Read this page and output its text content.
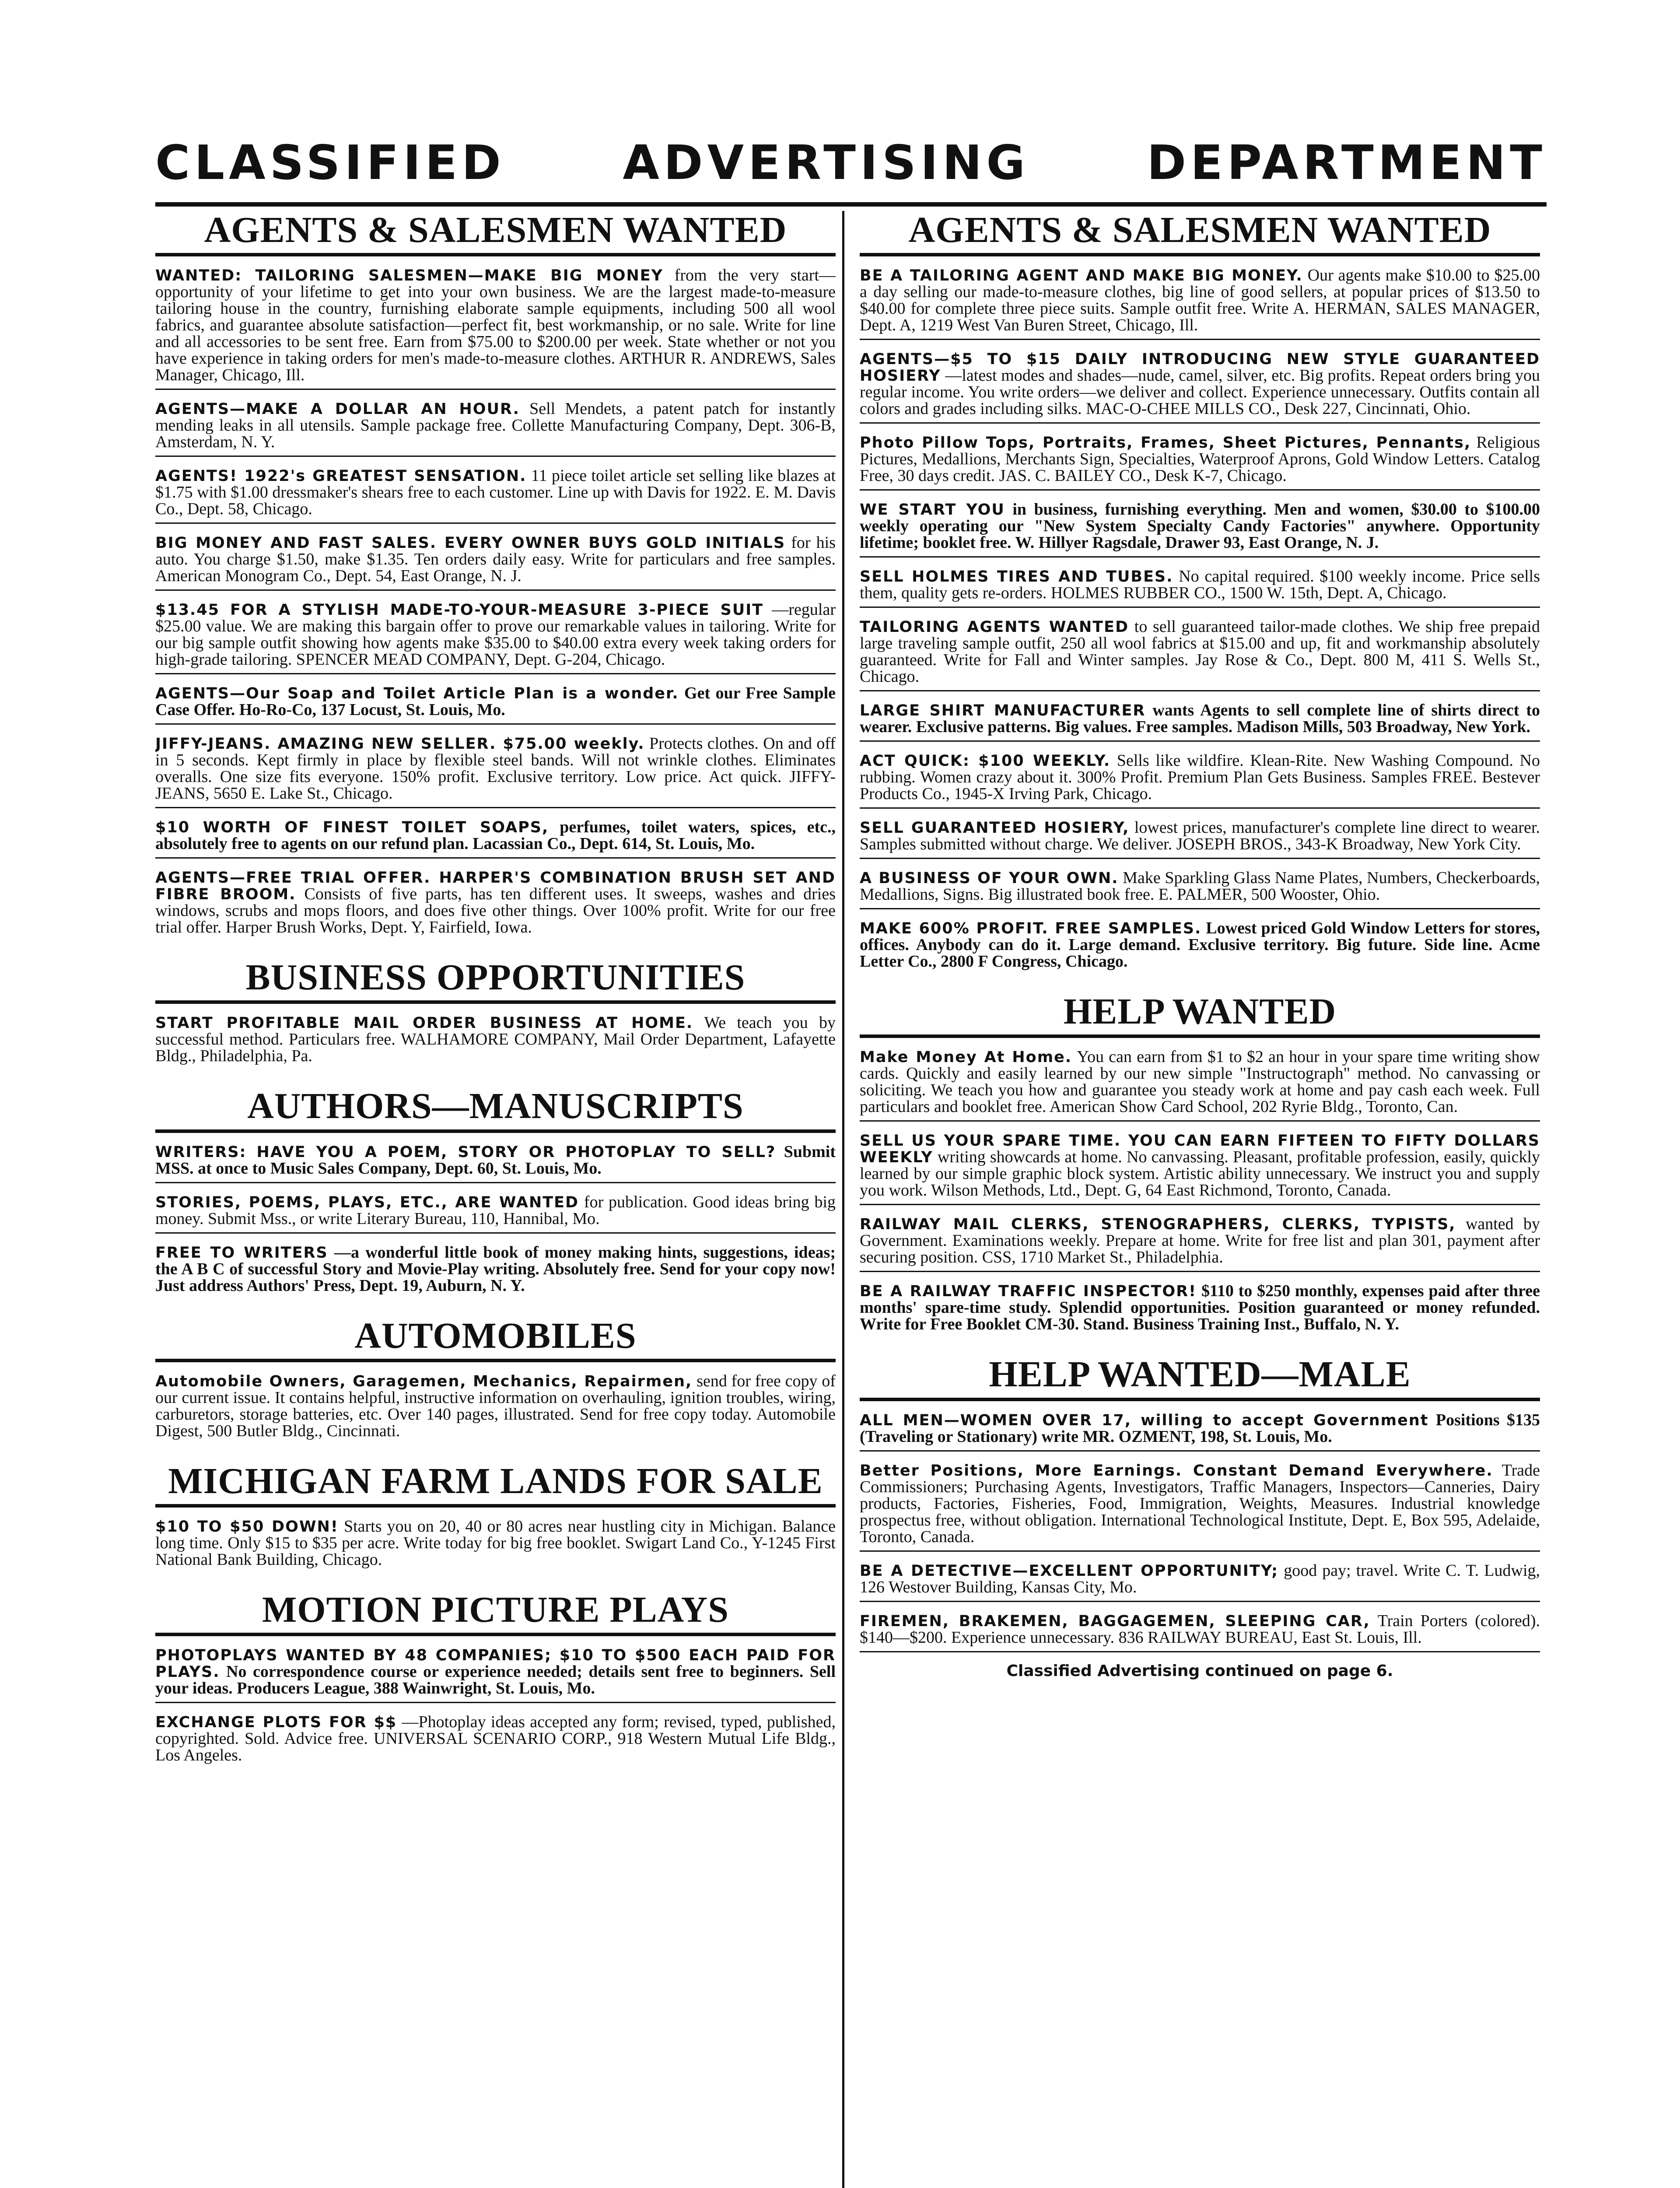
CLASSIFIED ADVERTISING DEPARTMENT
AGENTS & SALESMEN WANTED
WANTED: TAILORING SALESMEN—MAKE BIG MONEY from the very start—opportunity of your lifetime to get into your own business. We are the largest made-to-measure tailoring house in the country, furnishing elaborate sample equipments, including 500 all wool fabrics, and guarantee absolute satisfaction—perfect fit, best workmanship, or no sale. Write for line and all accessories to be sent free. Earn from $75.00 to $200.00 per week. State whether or not you have experience in taking orders for men's made-to-measure clothes. ARTHUR R. ANDREWS, Sales Manager, Chicago, Ill.
AGENTS—MAKE A DOLLAR AN HOUR. Sell Mendets, a patent patch for instantly mending leaks in all utensils. Sample package free. Collette Manufacturing Company, Dept. 306-B, Amsterdam, N. Y.
AGENTS! 1922's GREATEST SENSATION. 11 piece toilet article set selling like blazes at $1.75 with $1.00 dressmaker's shears free to each customer. Line up with Davis for 1922. E. M. Davis Co., Dept. 58, Chicago.
BIG MONEY AND FAST SALES. EVERY OWNER BUYS GOLD INITIALS for his auto. You charge $1.50, make $1.35. Ten orders daily easy. Write for particulars and free samples. American Monogram Co., Dept. 54, East Orange, N. J.
$13.45 FOR A STYLISH MADE-TO-YOUR-MEASURE 3-PIECE SUIT —regular $25.00 value. We are making this bargain offer to prove our remarkable values in tailoring. Write for our big sample outfit showing how agents make $35.00 to $40.00 extra every week taking orders for high-grade tailoring. SPENCER MEAD COMPANY, Dept. G-204, Chicago.
AGENTS—Our Soap and Toilet Article Plan is a wonder. Get our Free Sample Case Offer. Ho-Ro-Co, 137 Locust, St. Louis, Mo.
JIFFY-JEANS. AMAZING NEW SELLER. $75.00 weekly. Protects clothes. On and off in 5 seconds. Kept firmly in place by flexible steel bands. Will not wrinkle clothes. Eliminates overalls. One size fits everyone. 150% profit. Exclusive territory. Low price. Act quick. JIFFY-JEANS, 5650 E. Lake St., Chicago.
$10 WORTH OF FINEST TOILET SOAPS, perfumes, toilet waters, spices, etc., absolutely free to agents on our refund plan. Lacassian Co., Dept. 614, St. Louis, Mo.
AGENTS—FREE TRIAL OFFER. HARPER'S COMBINATION BRUSH SET AND FIBRE BROOM. Consists of five parts, has ten different uses. It sweeps, washes and dries windows, scrubs and mops floors, and does five other things. Over 100% profit. Write for our free trial offer. Harper Brush Works, Dept. Y, Fairfield, Iowa.
BUSINESS OPPORTUNITIES
START PROFITABLE MAIL ORDER BUSINESS AT HOME. We teach you by successful method. Particulars free. WALHAMORE COMPANY, Mail Order Department, Lafayette Bldg., Philadelphia, Pa.
AUTHORS—MANUSCRIPTS
WRITERS: HAVE YOU A POEM, STORY OR PHOTOPLAY TO SELL? Submit MSS. at once to Music Sales Company, Dept. 60, St. Louis, Mo.
STORIES, POEMS, PLAYS, ETC., ARE WANTED for publication. Good ideas bring big money. Submit Mss., or write Literary Bureau, 110, Hannibal, Mo.
FREE TO WRITERS —a wonderful little book of money making hints, suggestions, ideas; the A B C of successful Story and Movie-Play writing. Absolutely free. Send for your copy now! Just address Authors' Press, Dept. 19, Auburn, N. Y.
AUTOMOBILES
Automobile Owners, Garagemen, Mechanics, Repairmen, send for free copy of our current issue. It contains helpful, instructive information on overhauling, ignition troubles, wiring, carburetors, storage batteries, etc. Over 140 pages, illustrated. Send for free copy today. Automobile Digest, 500 Butler Bldg., Cincinnati.
MICHIGAN FARM LANDS FOR SALE
$10 TO $50 DOWN! Starts you on 20, 40 or 80 acres near hustling city in Michigan. Balance long time. Only $15 to $35 per acre. Write today for big free booklet. Swigart Land Co., Y-1245 First National Bank Building, Chicago.
MOTION PICTURE PLAYS
PHOTOPLAYS WANTED BY 48 COMPANIES; $10 TO $500 EACH PAID FOR PLAYS. No correspondence course or experience needed; details sent free to beginners. Sell your ideas. Producers League, 388 Wainwright, St. Louis, Mo.
EXCHANGE PLOTS FOR $$ —Photoplay ideas accepted any form; revised, typed, published, copyrighted. Sold. Advice free. UNIVERSAL SCENARIO CORP., 918 Western Mutual Life Bldg., Los Angeles.
AGENTS & SALESMEN WANTED
BE A TAILORING AGENT AND MAKE BIG MONEY. Our agents make $10.00 to $25.00 a day selling our made-to-measure clothes, big line of good sellers, at popular prices of $13.50 to $40.00 for complete three piece suits. Sample outfit free. Write A. HERMAN, SALES MANAGER, Dept. A, 1219 West Van Buren Street, Chicago, Ill.
AGENTS—$5 TO $15 DAILY INTRODUCING NEW STYLE GUARANTEED HOSIERY —latest modes and shades—nude, camel, silver, etc. Big profits. Repeat orders bring you regular income. You write orders—we deliver and collect. Experience unnecessary. Outfits contain all colors and grades including silks. MAC-O-CHEE MILLS CO., Desk 227, Cincinnati, Ohio.
Photo Pillow Tops, Portraits, Frames, Sheet Pictures, Pennants, Religious Pictures, Medallions, Merchants Sign, Specialties, Waterproof Aprons, Gold Window Letters. Catalog Free, 30 days credit. JAS. C. BAILEY CO., Desk K-7, Chicago.
WE START YOU in business, furnishing everything. Men and women, $30.00 to $100.00 weekly operating our "New System Specialty Candy Factories" anywhere. Opportunity lifetime; booklet free. W. Hillyer Ragsdale, Drawer 93, East Orange, N. J.
SELL HOLMES TIRES AND TUBES. No capital required. $100 weekly income. Price sells them, quality gets re-orders. HOLMES RUBBER CO., 1500 W. 15th, Dept. A, Chicago.
TAILORING AGENTS WANTED to sell guaranteed tailor-made clothes. We ship free prepaid large traveling sample outfit, 250 all wool fabrics at $15.00 and up, fit and workmanship absolutely guaranteed. Write for Fall and Winter samples. Jay Rose & Co., Dept. 800 M, 411 S. Wells St., Chicago.
LARGE SHIRT MANUFACTURER wants Agents to sell complete line of shirts direct to wearer. Exclusive patterns. Big values. Free samples. Madison Mills, 503 Broadway, New York.
ACT QUICK: $100 WEEKLY. Sells like wildfire. Klean-Rite. New Washing Compound. No rubbing. Women crazy about it. 300% Profit. Premium Plan Gets Business. Samples FREE. Bestever Products Co., 1945-X Irving Park, Chicago.
SELL GUARANTEED HOSIERY, lowest prices, manufacturer's complete line direct to wearer. Samples submitted without charge. We deliver. JOSEPH BROS., 343-K Broadway, New York City.
A BUSINESS OF YOUR OWN. Make Sparkling Glass Name Plates, Numbers, Checkerboards, Medallions, Signs. Big illustrated book free. E. PALMER, 500 Wooster, Ohio.
MAKE 600% PROFIT. FREE SAMPLES. Lowest priced Gold Window Letters for stores, offices. Anybody can do it. Large demand. Exclusive territory. Big future. Side line. Acme Letter Co., 2800 F Congress, Chicago.
HELP WANTED
Make Money At Home. You can earn from $1 to $2 an hour in your spare time writing show cards. Quickly and easily learned by our new simple "Instructograph" method. No canvassing or soliciting. We teach you how and guarantee you steady work at home and pay cash each week. Full particulars and booklet free. American Show Card School, 202 Ryrie Bldg., Toronto, Can.
SELL US YOUR SPARE TIME. YOU CAN EARN FIFTEEN TO FIFTY DOLLARS WEEKLY writing showcards at home. No canvassing. Pleasant, profitable profession, easily, quickly learned by our simple graphic block system. Artistic ability unnecessary. We instruct you and supply you work. Wilson Methods, Ltd., Dept. G, 64 East Richmond, Toronto, Canada.
RAILWAY MAIL CLERKS, STENOGRAPHERS, CLERKS, TYPISTS, wanted by Government. Examinations weekly. Prepare at home. Write for free list and plan 301, payment after securing position. CSS, 1710 Market St., Philadelphia.
BE A RAILWAY TRAFFIC INSPECTOR! $110 to $250 monthly, expenses paid after three months' spare-time study. Splendid opportunities. Position guaranteed or money refunded. Write for Free Booklet CM-30. Stand. Business Training Inst., Buffalo, N. Y.
HELP WANTED—MALE
ALL MEN—WOMEN OVER 17, willing to accept Government Positions $135 (Traveling or Stationary) write MR. OZMENT, 198, St. Louis, Mo.
Better Positions, More Earnings. Constant Demand Everywhere. Trade Commissioners; Purchasing Agents, Investigators, Traffic Managers, Inspectors—Canneries, Dairy products, Factories, Fisheries, Food, Immigration, Weights, Measures. Industrial knowledge prospectus free, without obligation. International Technological Institute, Dept. E, Box 595, Adelaide, Toronto, Canada.
BE A DETECTIVE—EXCELLENT OPPORTUNITY; good pay; travel. Write C. T. Ludwig, 126 Westover Building, Kansas City, Mo.
FIREMEN, BRAKEMEN, BAGGAGEMEN, SLEEPING CAR, Train Porters (colored). $140—$200. Experience unnecessary. 836 RAILWAY BUREAU, East St. Louis, Ill.
Classified Advertising continued on page 6.
